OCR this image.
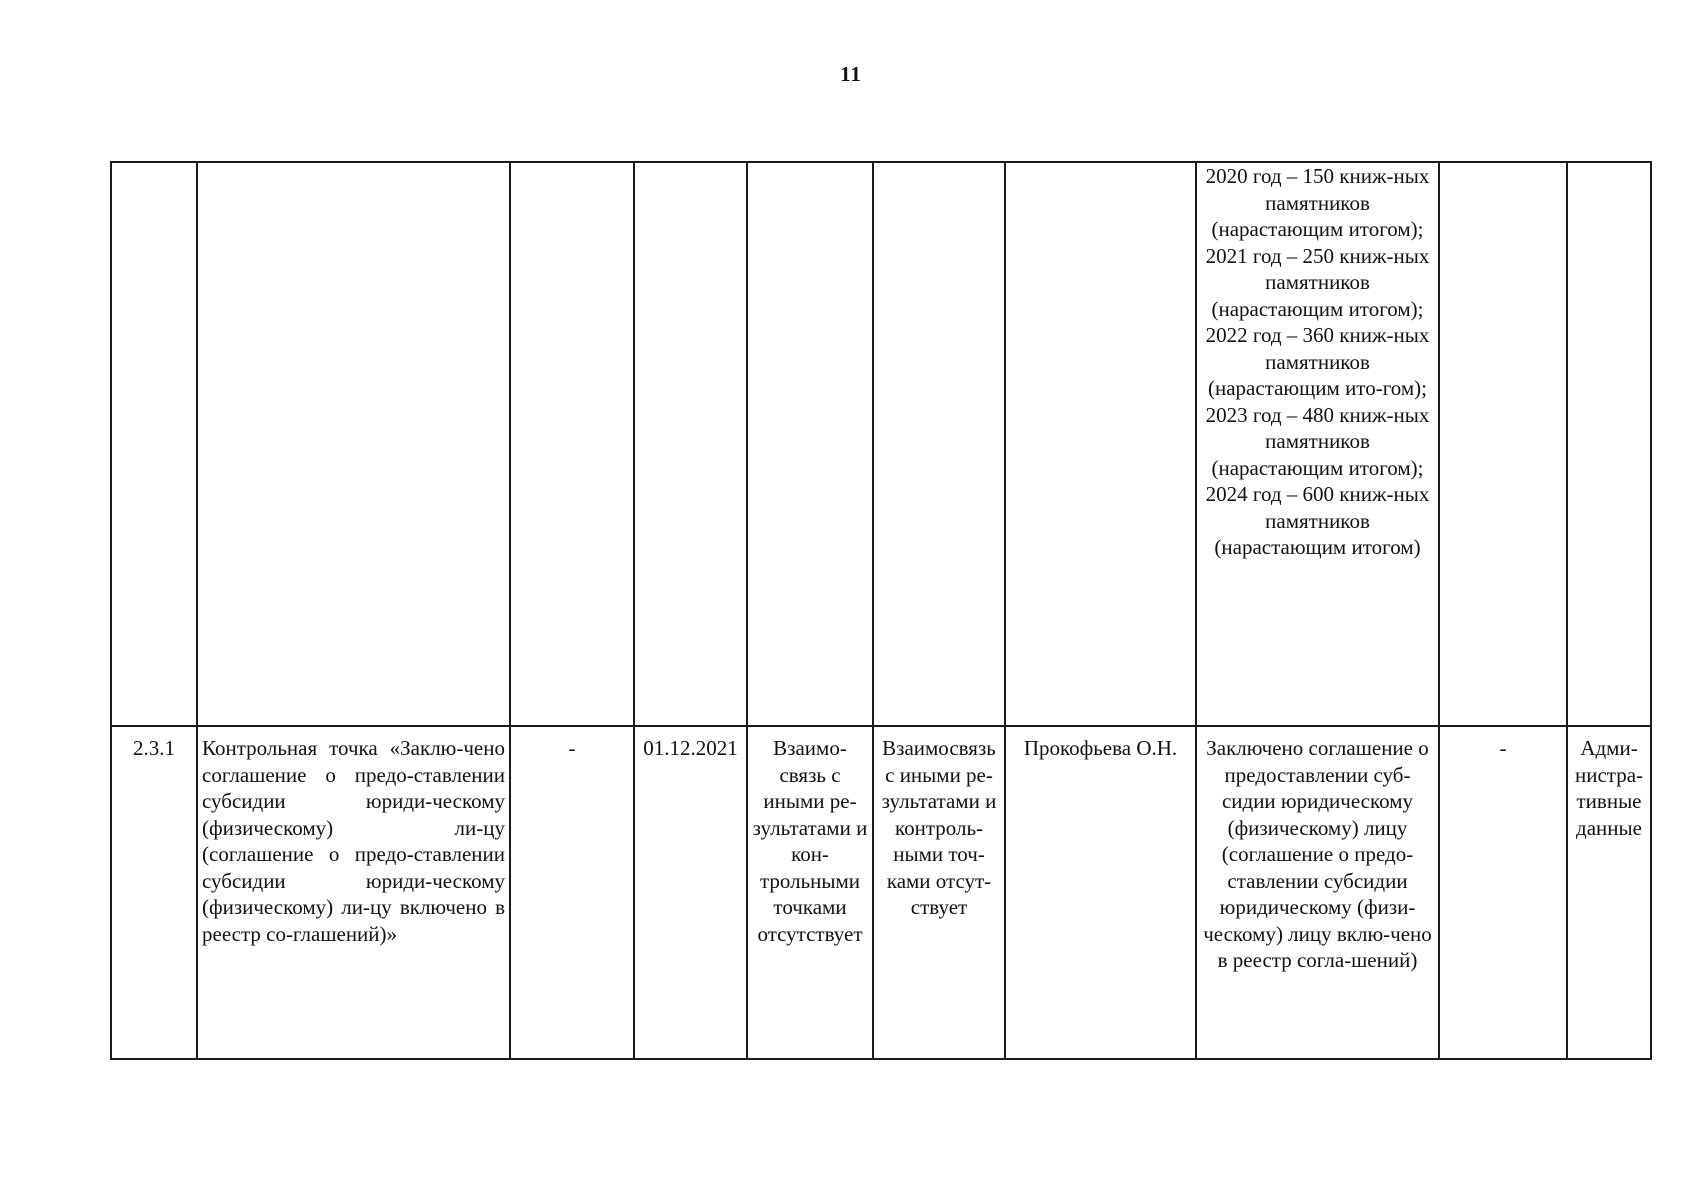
11

							2020 год – 150 книж-ных памятников (нарастающим итогом);
2021 год – 250 книж-ных памятников (нарастающим итогом);
2022 год – 360 книж-ных памятников (нарастающим ито-гом);
2023 год – 480 книж-ных памятников (нарастающим итогом);
2024 год – 600 книж-ных памятников (нарастающим итогом)		

2.3.1	Контрольная точка «Заклю-чено соглашение о предо-ставлении субсидии юриди-ческому (физическому) ли-цу (соглашение о предо-ставлении субсидии юриди-ческому (физическому) ли-цу включено в реестр со-глашений)»	-	01.12.2021	Взаимо-связь с иными ре-зультатами и кон-трольными точками отсутствует	Взаимосвязь с иными ре-зультатами и контроль-ными точ-ками отсут-ствует	Прокофьева О.Н.	Заключено соглашение о предоставлении суб-сидии юридическому (физическому) лицу (соглашение о предо-ставлении субсидии юридическому (физи-ческому) лицу вклю-чено в реестр согла-шений)	-	Адми-нистра-тивные данные
